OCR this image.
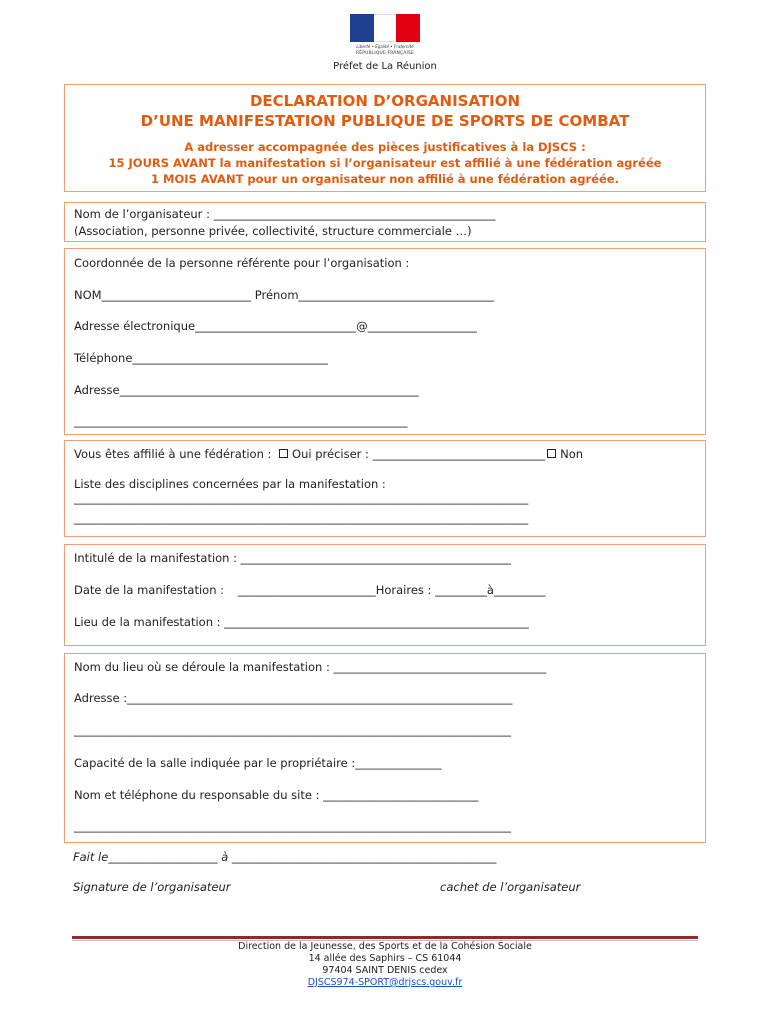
Liberté • Égalité • Fraternité
RÉPUBLIQUE FRANÇAISE
Préfet de La Réunion
DECLARATION D’ORGANISATION
D’UNE MANIFESTATION PUBLIQUE DE SPORTS DE COMBAT
A adresser accompagnée des pièces justificatives à la DJSCS :
15 JOURS AVANT la manifestation si l’organisateur est affilié à une fédération agréée
1 MOIS AVANT pour un organisateur non affilié à une fédération agréée.
Nom de l’organisateur : _________________________________________________
(Association, personne privée, collectivité, structure commerciale …)
Coordonnée de la personne référente pour l’organisation :
NOM__________________________ Prénom__________________________________
Adresse électronique____________________________@___________________
Téléphone__________________________________
Adresse____________________________________________________
__________________________________________________________
Vous êtes affilié à une fédération : Oui préciser : ______________________________ Non
Liste des disciplines concernées par la manifestation :
_______________________________________________________________________________
_______________________________________________________________________________
Intitulé de la manifestation : _______________________________________________
Date de la manifestation : ________________________Horaires : _________à_________
Lieu de la manifestation : _____________________________________________________
Nom du lieu où se déroule la manifestation : _____________________________________
Adresse :___________________________________________________________________
____________________________________________________________________________
Capacité de la salle indiquée par le propriétaire :_______________
Nom et téléphone du responsable du site : ___________________________
____________________________________________________________________________
Fait le___________________ à ______________________________________________
Signature de l’organisateur	cachet de l’organisateur
Direction de la Jeunesse, des Sports et de la Cohésion Sociale
14 allée des Saphirs – CS 61044
97404 SAINT DENIS cedex
DJSCS974-SPORT@drjscs.gouv.fr
